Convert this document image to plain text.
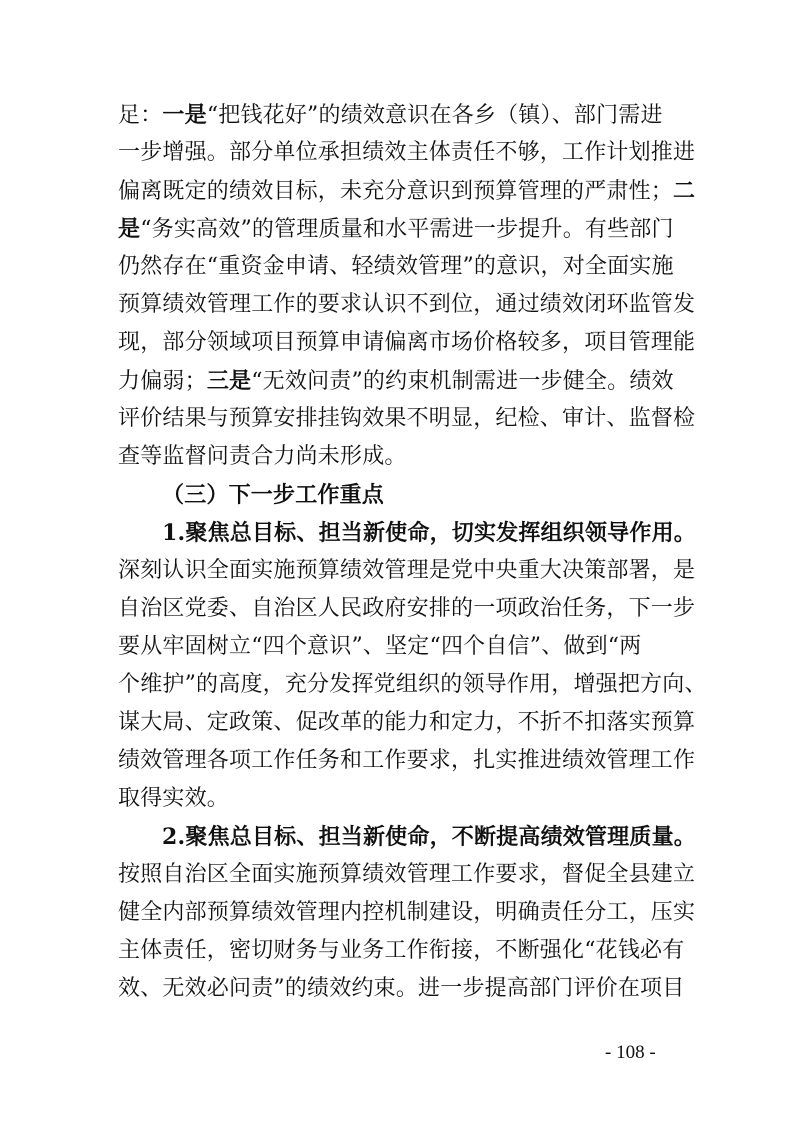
足：一是“把钱花好”的绩效意识在各乡（镇）、部门需进
一步增强。部分单位承担绩效主体责任不够，工作计划推进
偏离既定的绩效目标，未充分意识到预算管理的严肃性；二
是“务实高效”的管理质量和水平需进一步提升。有些部门
仍然存在“重资金申请、轻绩效管理”的意识，对全面实施
预算绩效管理工作的要求认识不到位，通过绩效闭环监管发
现，部分领域项目预算申请偏离市场价格较多，项目管理能
力偏弱；三是“无效问责”的约束机制需进一步健全。绩效
评价结果与预算安排挂钩效果不明显，纪检、审计、监督检
查等监督问责合力尚未形成。
（三）下一步工作重点
1.聚焦总目标、担当新使命，切实发挥组织领导作用。
深刻认识全面实施预算绩效管理是党中央重大决策部署，是
自治区党委、自治区人民政府安排的一项政治任务，下一步
要从牢固树立“四个意识”、坚定“四个自信”、做到“两
个维护”的高度，充分发挥党组织的领导作用，增强把方向、
谋大局、定政策、促改革的能力和定力，不折不扣落实预算
绩效管理各项工作任务和工作要求，扎实推进绩效管理工作
取得实效。
2.聚焦总目标、担当新使命，不断提高绩效管理质量。
按照自治区全面实施预算绩效管理工作要求，督促全县建立
健全内部预算绩效管理内控机制建设，明确责任分工，压实
主体责任，密切财务与业务工作衔接，不断强化“花钱必有
效、无效必问责”的绩效约束。进一步提高部门评价在项目
- 108 -
